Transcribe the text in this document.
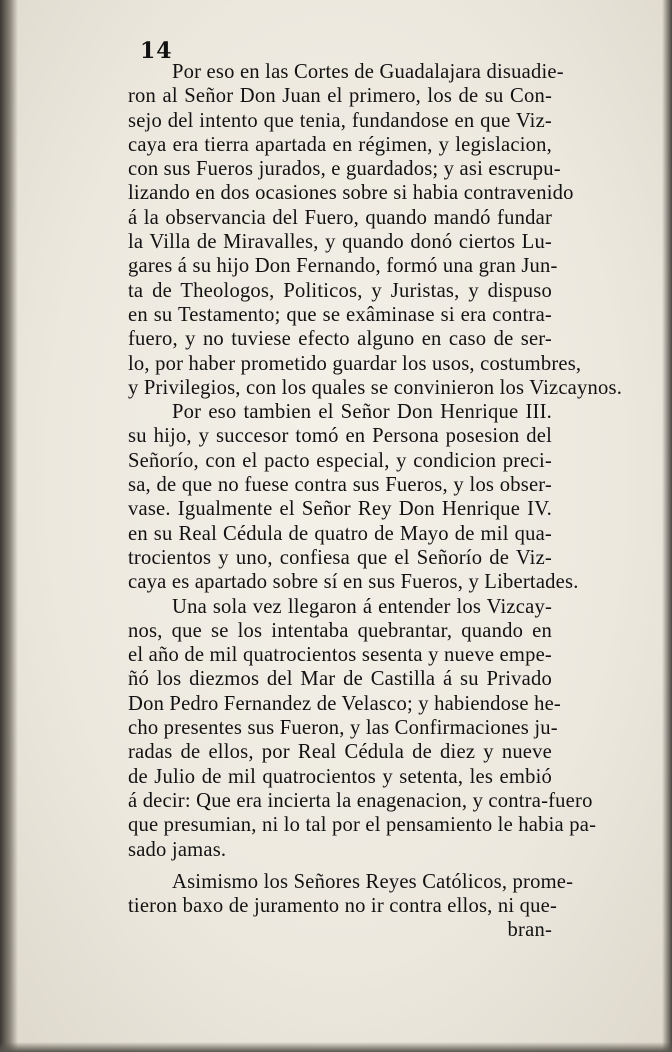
14
Por eso en las Cortes de Guadalajara disuadie-
ron al Señor Don Juan el primero, los de su Con-
sejo del intento que tenia, fundandose en que Viz-
caya era tierra apartada en régimen, y legislacion,
con sus Fueros jurados, e guardados; y asi escrupu-
lizando en dos ocasiones sobre si habia contravenido
á la observancia del Fuero, quando mandó fundar
la Villa de Miravalles, y quando donó ciertos Lu-
gares á su hijo Don Fernando, formó una gran Jun-
ta de Theologos, Politicos, y Juristas, y dispuso
en su Testamento; que se exâminase si era contra-
fuero, y no tuviese efecto alguno en caso de ser-
lo, por haber prometido guardar los usos, costumbres,
y Privilegios, con los quales se convinieron los Vizcaynos.
Por eso tambien el Señor Don Henrique III.
su hijo, y succesor tomó en Persona posesion del
Señorío, con el pacto especial, y condicion preci-
sa, de que no fuese contra sus Fueros, y los obser-
vase. Igualmente el Señor Rey Don Henrique IV.
en su Real Cédula de quatro de Mayo de mil qua-
trocientos y uno, confiesa que el Señorío de Viz-
caya es apartado sobre sí en sus Fueros, y Libertades.
Una sola vez llegaron á entender los Vizcay-
nos, que se los intentaba quebrantar, quando en
el año de mil quatrocientos sesenta y nueve empe-
ñó los diezmos del Mar de Castilla á su Privado
Don Pedro Fernandez de Velasco; y habiendose he-
cho presentes sus Fueron, y las Confirmaciones ju-
radas de ellos, por Real Cédula de diez y nueve
de Julio de mil quatrocientos y setenta, les embió
á decir: Que era incierta la enagenacion, y contra-fuero
que presumian, ni lo tal por el pensamiento le habia pa-
sado jamas.
Asimismo los Señores Reyes Católicos, prome-
tieron baxo de juramento no ir contra ellos, ni que-
bran-
